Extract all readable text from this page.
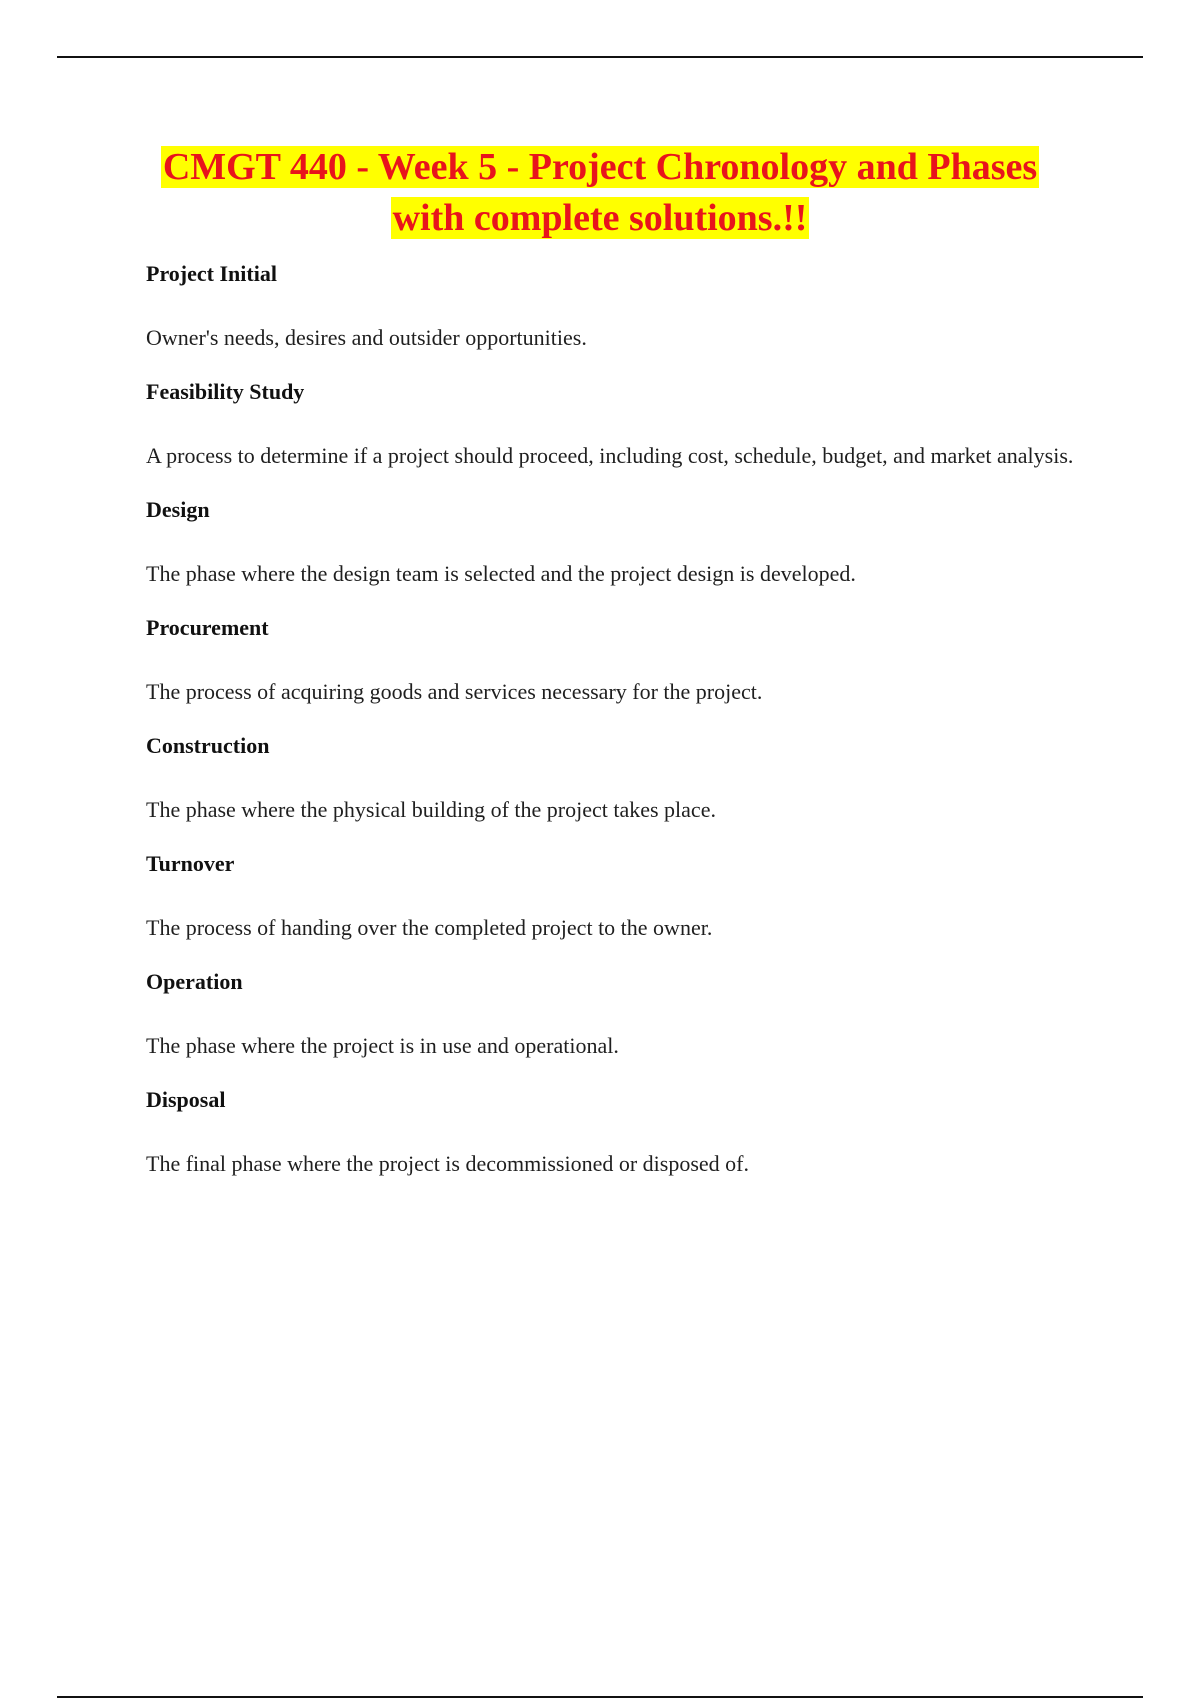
CMGT 440 - Week 5 - Project Chronology and Phases
with complete solutions.!!

Project Initial

Owner's needs, desires and outsider opportunities.

Feasibility Study

A process to determine if a project should proceed, including cost, schedule, budget, and market analysis.

Design

The phase where the design team is selected and the project design is developed.

Procurement

The process of acquiring goods and services necessary for the project.

Construction

The phase where the physical building of the project takes place.

Turnover

The process of handing over the completed project to the owner.

Operation

The phase where the project is in use and operational.

Disposal

The final phase where the project is decommissioned or disposed of.
